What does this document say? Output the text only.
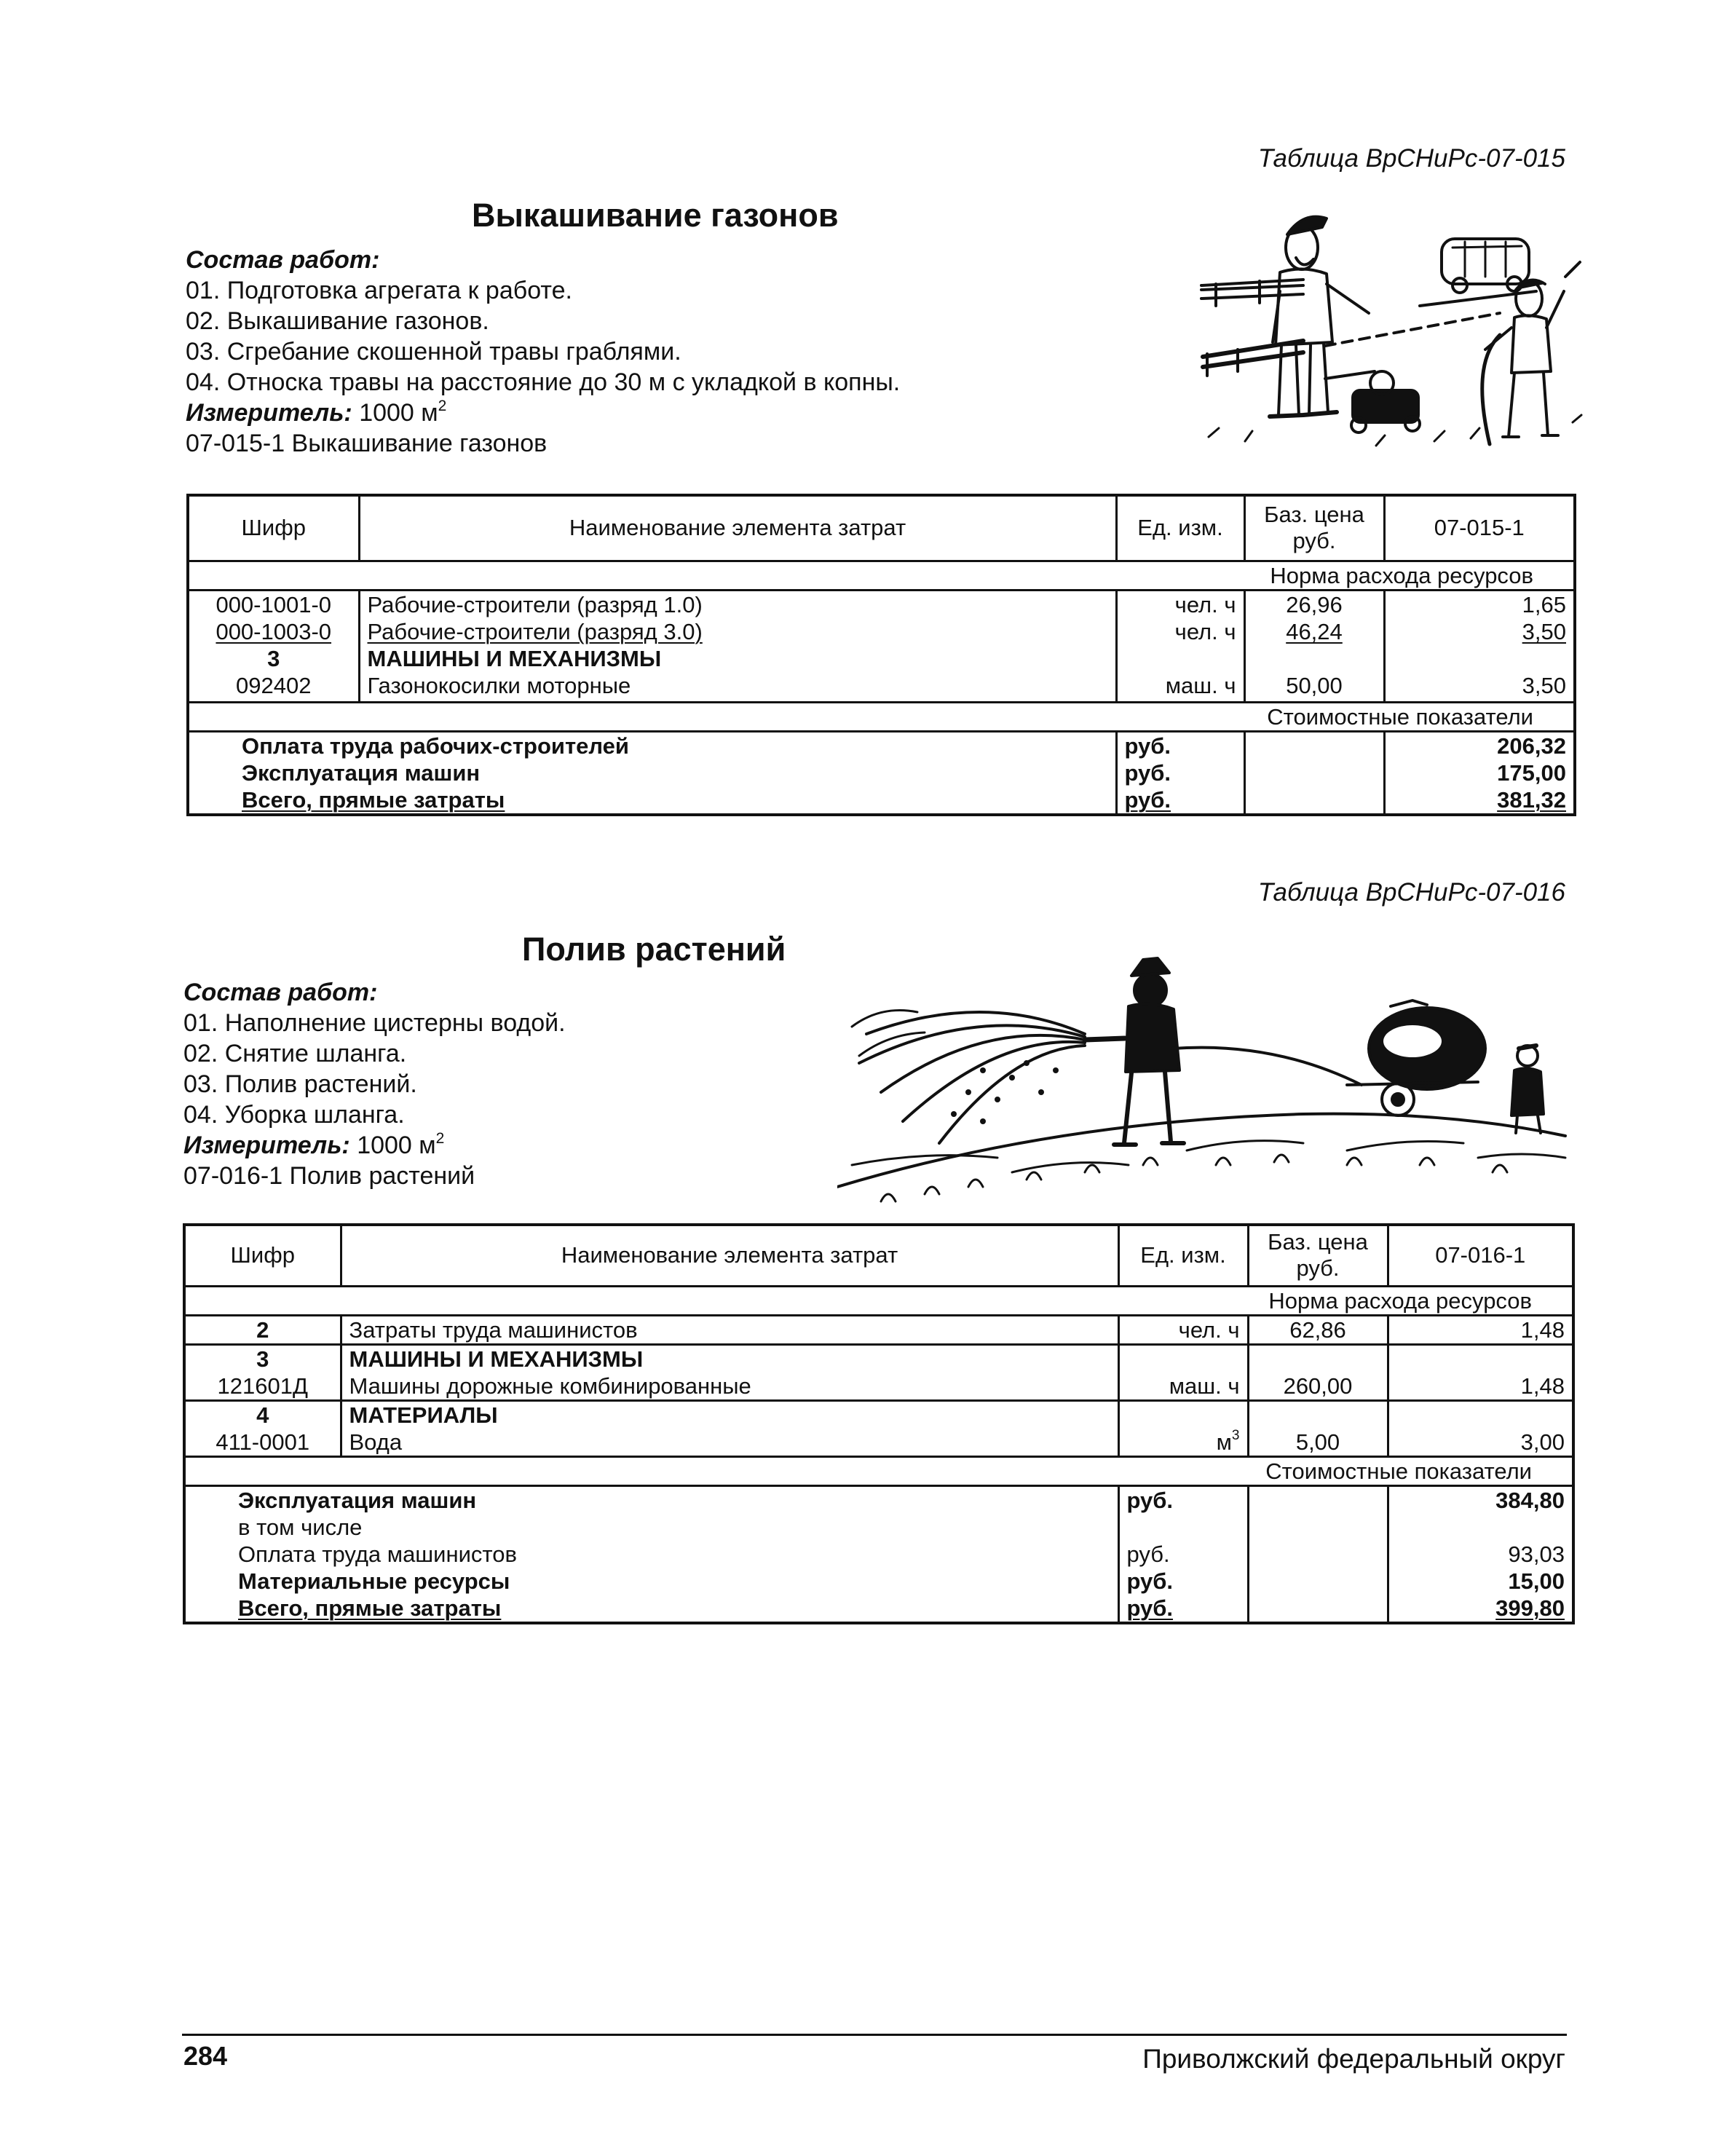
Таблица ВрСНиРс-07-015
Выкашивание газонов
Состав работ:
01. Подготовка агрегата к работе.
02. Выкашивание газонов.
03. Сгребание скошенной травы граблями.
04. Относка травы на расстояние до 30 м с укладкой в копны.
Измеритель: 1000 $м^2$
07-015-1 Выкашивание газонов
Шифр	Наименование элемента затрат	Ед. изм.	Баз. цена руб.	07-015-1
Норма расхода ресурсов				
000-1001-0	Рабочие-строители (разряд 1.0)	чел. ч	26,96	1,65
000-1003-0	Рабочие-строители (разряд 3.0)	чел. ч	46,24	3,50
3	МАШИНЫ И МЕХАНИЗМЫ			
092402	Газонокосилки моторные	маш. ч	50,00	3,50
Стоимостные показатели				
Оплата труда рабочих-строителей		руб.		206,32
Эксплуатация машин		руб.		175,00
Всего, прямые затраты		руб.		381,32
Таблица ВрСНиРс-07-016
Полив растений
Состав работ:
01. Наполнение цистерны водой.
02. Снятие шланга.
03. Полив растений.
04. Уборка шланга.
Измеритель: 1000 $м^2$
07-016-1 Полив растений
Шифр	Наименование элемента затрат	Ед. изм.	Баз. цена руб.	07-016-1
Норма расхода ресурсов				
2	Затраты труда машинистов	чел. ч	62,86	1,48
3	МАШИНЫ И МЕХАНИЗМЫ			
121601Д	Машины дорожные комбинированные	маш. ч	260,00	1,48
4	МАТЕРИАЛЫ			
411-0001	Вода	$м^3$	5,00	3,00
Стоимостные показатели				
Эксплуатация машин		руб.		384,80
в том числе				
Оплата труда машинистов		руб.		93,03
Материальные ресурсы		руб.		15,00
Всего, прямые затраты		руб.		399,80
284	Приволжский федеральный округ
